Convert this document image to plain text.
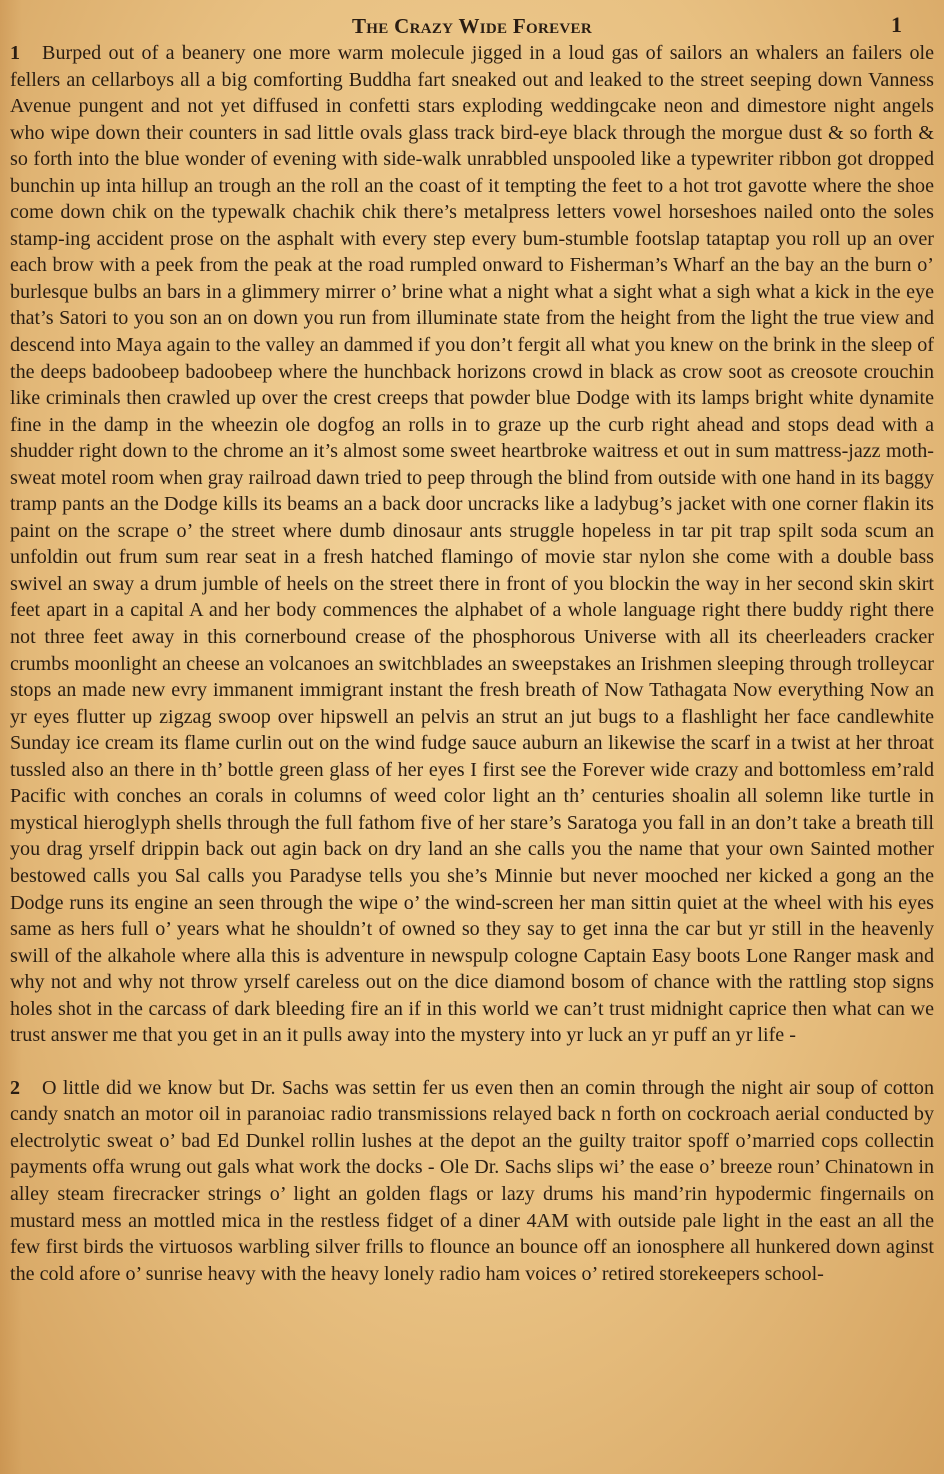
The Crazy Wide Forever	1

1 Burped out of a beanery one more warm molecule jigged in a loud gas of sailors an whalers an failers ole fellers an cellarboys all a big comforting Buddha fart sneaked out and leaked to the street seeping down Vanness Avenue pungent and not yet diffused in confetti stars exploding weddingcake neon and dimestore night angels who wipe down their counters in sad little ovals glass track bird-eye black through the morgue dust & so forth & so forth into the blue wonder of evening with side-walk unrabbled unspooled like a typewriter ribbon got dropped bunchin up inta hillup an trough an the roll an the coast of it tempting the feet to a hot trot gavotte where the shoe come down chik on the typewalk chachik chik there’s metalpress letters vowel horseshoes nailed onto the soles stamp-ing accident prose on the asphalt with every step every bum-stumble footslap tataptap you roll up an over each brow with a peek from the peak at the road rumpled onward to Fisherman’s Wharf an the bay an the burn o’ burlesque bulbs an bars in a glimmery mirrer o’ brine what a night what a sight what a sigh what a kick in the eye that’s Satori to you son an on down you run from illuminate state from the height from the light the true view and descend into Maya again to the valley an dammed if you don’t fergit all what you knew on the brink in the sleep of the deeps badoobeep badoobeep where the hunchback horizons crowd in black as crow soot as creosote crouchin like criminals then crawled up over the crest creeps that powder blue Dodge with its lamps bright white dynamite fine in the damp in the wheezin ole dogfog an rolls in to graze up the curb right ahead and stops dead with a shudder right down to the chrome an it’s almost some sweet heartbroke waitress et out in sum mattress-jazz moth-sweat motel room when gray railroad dawn tried to peep through the blind from outside with one hand in its baggy tramp pants an the Dodge kills its beams an a back door uncracks like a ladybug’s jacket with one corner flakin its paint on the scrape o’ the street where dumb dinosaur ants struggle hopeless in tar pit trap spilt soda scum an unfoldin out frum sum rear seat in a fresh hatched flamingo of movie star nylon she come with a double bass swivel an sway a drum jumble of heels on the street there in front of you blockin the way in her second skin skirt feet apart in a capital A and her body commences the alphabet of a whole language right there buddy right there not three feet away in this cornerbound crease of the phosphorous Universe with all its cheerleaders cracker crumbs moonlight an cheese an volcanoes an switchblades an sweepstakes an Irishmen sleeping through trolleycar stops an made new evry immanent immigrant instant the fresh breath of Now Tathagata Now everything Now an yr eyes flutter up zigzag swoop over hipswell an pelvis an strut an jut bugs to a flashlight her face candlewhite Sunday ice cream its flame curlin out on the wind fudge sauce auburn an likewise the scarf in a twist at her throat tussled also an there in th’ bottle green glass of her eyes I first see the Forever wide crazy and bottomless em’rald Pacific with conches an corals in columns of weed color light an th’ centuries shoalin all solemn like turtle in mystical hieroglyph shells through the full fathom five of her stare’s Saratoga you fall in an don’t take a breath till you drag yrself drippin back out agin back on dry land an she calls you the name that your own Sainted mother bestowed calls you Sal calls you Paradyse tells you she’s Minnie but never mooched ner kicked a gong an the Dodge runs its engine an seen through the wipe o’ the wind-screen her man sittin quiet at the wheel with his eyes same as hers full o’ years what he shouldn’t of owned so they say to get inna the car but yr still in the heavenly swill of the alkahole where alla this is adventure in newspulp cologne Captain Easy boots Lone Ranger mask and why not and why not throw yrself careless out on the dice diamond bosom of chance with the rattling stop signs holes shot in the carcass of dark bleeding fire an if in this world we can’t trust midnight caprice then what can we trust answer me that you get in an it pulls away into the mystery into yr luck an yr puff an yr life -

2 O little did we know but Dr. Sachs was settin fer us even then an comin through the night air soup of cotton candy snatch an motor oil in paranoiac radio transmissions relayed back n forth on cockroach aerial conducted by electrolytic sweat o’ bad Ed Dunkel rollin lushes at the depot an the guilty traitor spoff o’married cops collectin payments offa wrung out gals what work the docks - Ole Dr. Sachs slips wi’ the ease o’ breeze roun’ Chinatown in alley steam firecracker strings o’ light an golden flags or lazy drums his mand’rin hypodermic fingernails on mustard mess an mottled mica in the restless fidget of a diner 4AM with outside pale light in the east an all the few first birds the virtuosos warbling silver frills to flounce an bounce off an ionosphere all hunkered down aginst the cold afore o’ sunrise heavy with the heavy lonely radio ham voices o’ retired storekeepers school-
